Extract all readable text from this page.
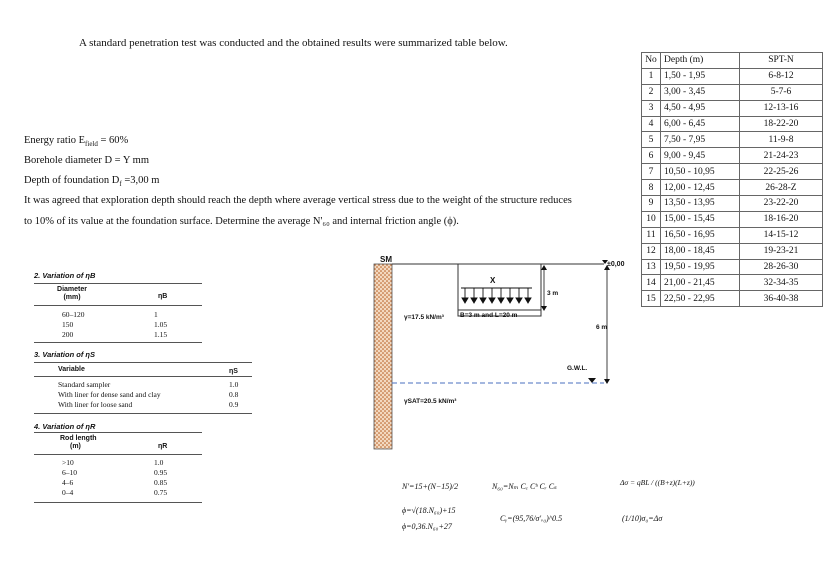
A standard penetration test was conducted and the obtained results were summarized table below.
Energy ratio $E_{field} = 60\%$
Borehole diameter D = Y mm
Depth of foundation $D_f =3,00$ m
It was agreed that exploration depth should reach the depth where average vertical stress due to the weight of the structure reduces
to 10% of its value at the foundation surface. Determine the average N'₆₀ and internal friction angle (ϕ).
No	Depth (m)	SPT-N
1	1,50 - 1,95	6-8-12
2	3,00 - 3,45	5-7-6
3	4,50 - 4,95	12-13-16
4	6,00 - 6,45	18-22-20
5	7,50 - 7,95	11-9-8
6	9,00 - 9,45	21-24-23
7	10,50 - 10,95	22-25-26
8	12,00 - 12,45	26-28-Z
9	13,50 - 13,95	23-22-20
10	15,00 - 15,45	18-16-20
11	16,50 - 16,95	14-15-12
12	18,00 - 18,45	19-23-21
13	19,50 - 19,95	28-26-30
14	21,00 - 21,45	32-34-35
15	22,50 - 22,95	36-40-38
2. Variation of ηB
Diameter
(mm)	ηB
60–120	1
150	1.05
200	1.15
3. Variation of ηS
Variable	ηS
Standard sampler	1.0
With liner for dense sand and clay	0.8
With liner for loose sand	0.9
4. Variation of ηR
Rod length
(m)	ηR
>10	1.0
6–10	0.95
4–6	0.85
0–4	0.75
SM
X
γ=17.5 kN/m³ B=3 m and L=20 m
±0,00
3 m
6 m
G.W.L.
γSAT=20.5 kN/m³
N'=15+(N−15)/2	N₆₀=Nₘ Cₑ Cᵇ Cᵣ Cₛ	Δσ = qBL / ((B+z)(L+z))
ϕ=√(18.N₆₀)+15
ϕ=0,36.N₆₀+27
Cᵧ=(95,76/σ'ᵥ₀)^0.5	(1/10)σ₀=Δσ
